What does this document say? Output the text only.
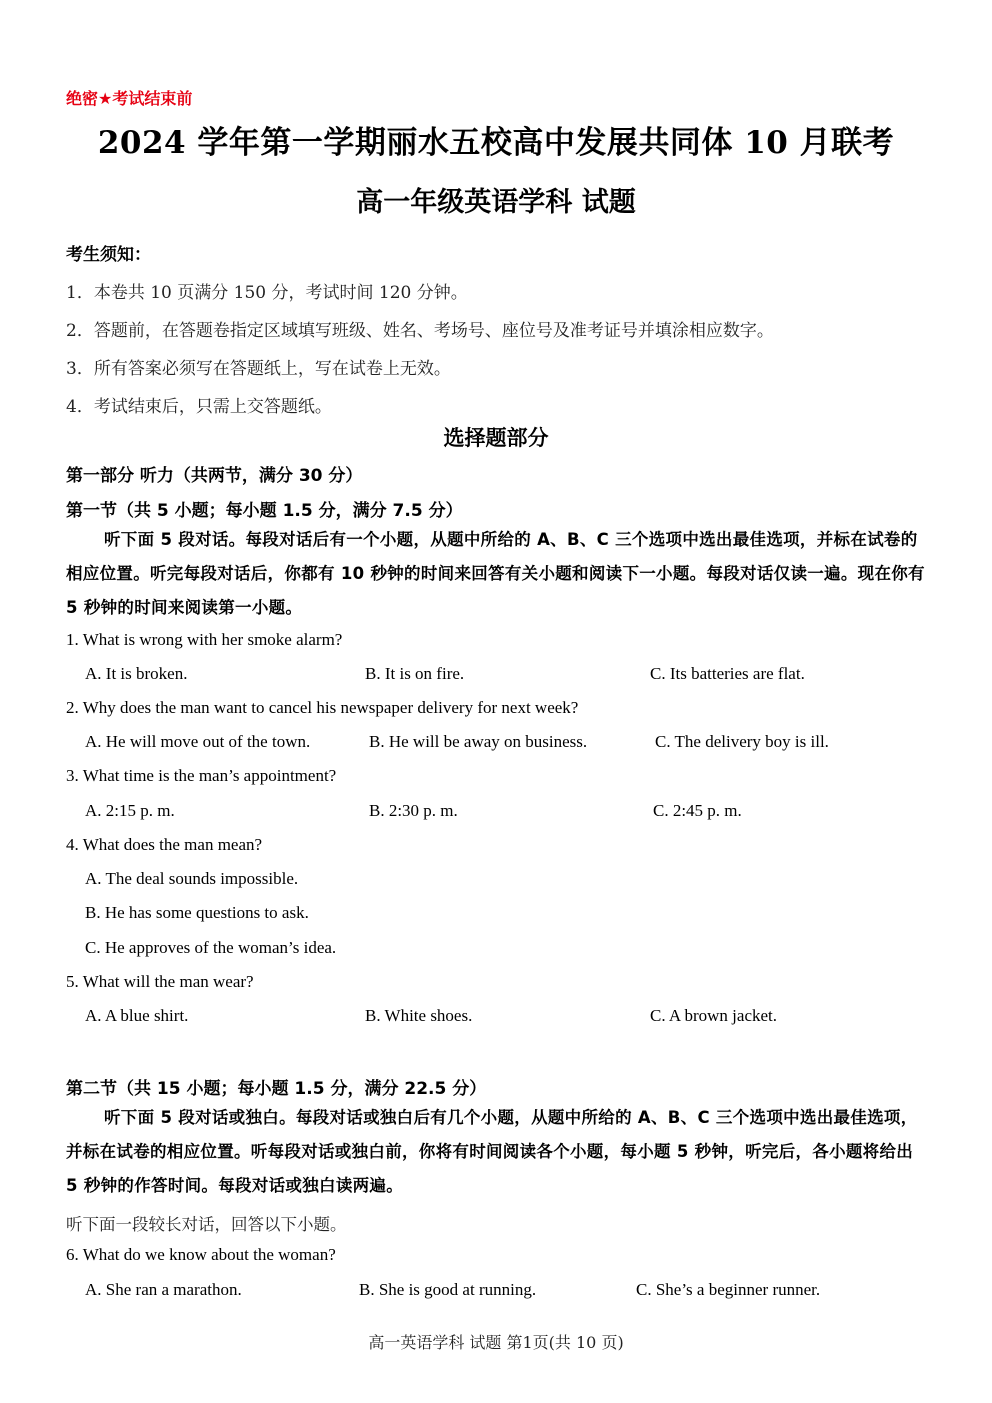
绝密★考试结束前
2024 学年第一学期丽水五校高中发展共同体 10 月联考
高一年级英语学科 试题
考生须知：
1．本卷共 10 页满分 150 分，考试时间 120 分钟。
2．答题前，在答题卷指定区域填写班级、姓名、考场号、座位号及准考证号并填涂相应数字。
3．所有答案必须写在答题纸上，写在试卷上无效。
4．考试结束后，只需上交答题纸。
选择题部分
第一部分 听力（共两节，满分 30 分）
第一节（共 5 小题；每小题 1.5 分，满分 7.5 分）
听下面 5 段对话。每段对话后有一个小题，从题中所给的 A、B、C 三个选项中选出最佳选项，并标在试卷的相应位置。听完每段对话后，你都有 10 秒钟的时间来回答有关小题和阅读下一小题。每段对话仅读一遍。现在你有 5 秒钟的时间来阅读第一小题。
1. What is wrong with her smoke alarm?
A. It is broken.	B. It is on fire.	C. Its batteries are flat.
2. Why does the man want to cancel his newspaper delivery for next week?
A. He will move out of the town.	B. He will be away on business.	C. The delivery boy is ill.
3. What time is the man’s appointment?
A. 2:15 p. m.	B. 2:30 p. m.	C. 2:45 p. m.
4. What does the man mean?
A. The deal sounds impossible.
B. He has some questions to ask.
C. He approves of the woman’s idea.
5. What will the man wear?
A. A blue shirt.	B. White shoes.	C. A brown jacket.
第二节（共 15 小题；每小题 1.5 分，满分 22.5 分）
听下面 5 段对话或独白。每段对话或独白后有几个小题，从题中所给的 A、B、C 三个选项中选出最佳选项，并标在试卷的相应位置。听每段对话或独白前，你将有时间阅读各个小题，每小题 5 秒钟，听完后，各小题将给出 5 秒钟的作答时间。每段对话或独白读两遍。
听下面一段较长对话，回答以下小题。
6. What do we know about the woman?
A. She ran a marathon.	B. She is good at running.	C. She’s a beginner runner.
高一英语学科 试题 第1页(共 10 页)
